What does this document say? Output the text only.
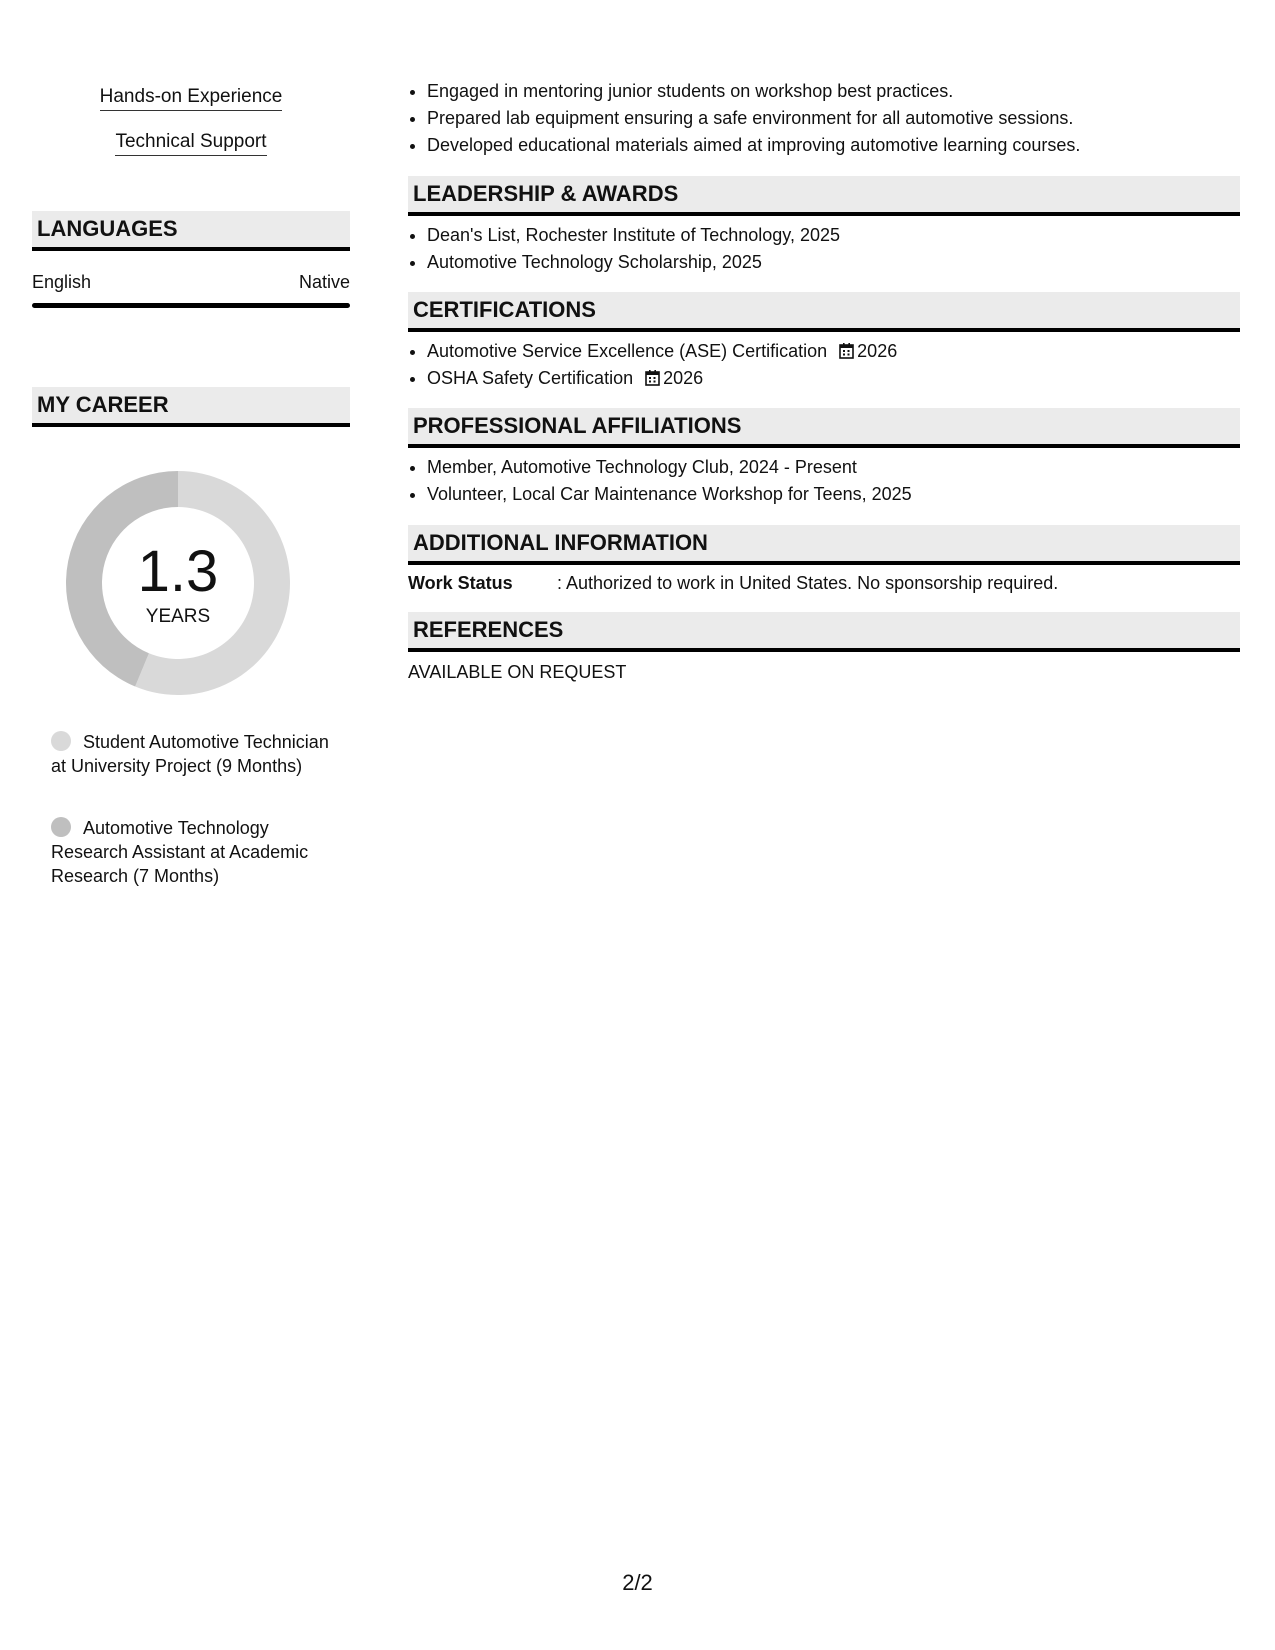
Hands-on Experience
Technical Support
LANGUAGES
English	Native
MY CAREER
1.3
YEARS
Student Automotive Technician at University Project (9 Months)
Automotive Technology Research Assistant at Academic Research (7 Months)
• Engaged in mentoring junior students on workshop best practices.
• Prepared lab equipment ensuring a safe environment for all automotive sessions.
• Developed educational materials aimed at improving automotive learning courses.
LEADERSHIP & AWARDS
• Dean's List, Rochester Institute of Technology, 2025
• Automotive Technology Scholarship, 2025
CERTIFICATIONS
• Automotive Service Excellence (ASE) Certification 2026
• OSHA Safety Certification 2026
PROFESSIONAL AFFILIATIONS
• Member, Automotive Technology Club, 2024 - Present
• Volunteer, Local Car Maintenance Workshop for Teens, 2025
ADDITIONAL INFORMATION
Work Status : Authorized to work in United States. No sponsorship required.
REFERENCES
AVAILABLE ON REQUEST
2/2
